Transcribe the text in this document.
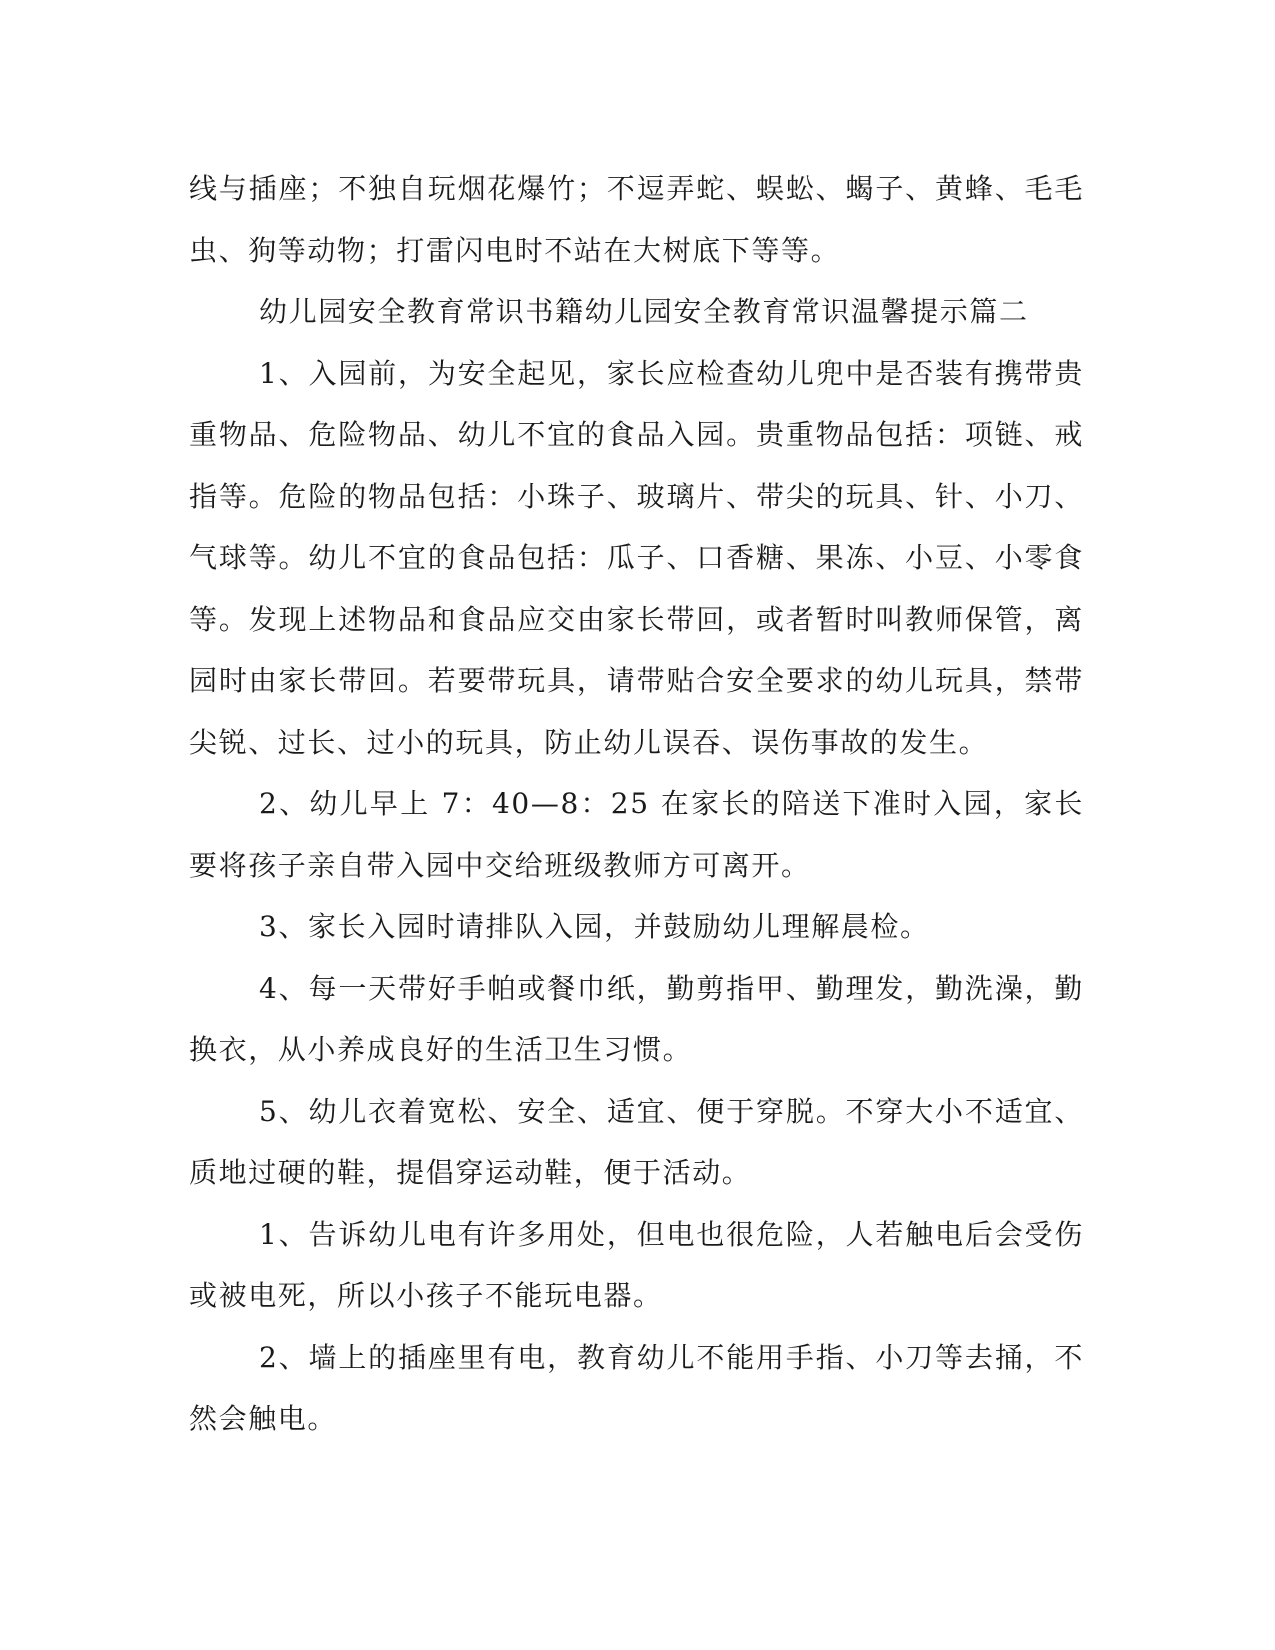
线与插座；不独自玩烟花爆竹；不逗弄蛇、蜈蚣、蝎子、黄蜂、毛毛虫、狗等动物；打雷闪电时不站在大树底下等等。

幼儿园安全教育常识书籍幼儿园安全教育常识温馨提示篇二

1、入园前，为安全起见，家长应检查幼儿兜中是否装有携带贵重物品、危险物品、幼儿不宜的食品入园。贵重物品包括：项链、戒指等。危险的物品包括：小珠子、玻璃片、带尖的玩具、针、小刀、气球等。幼儿不宜的食品包括：瓜子、口香糖、果冻、小豆、小零食等。发现上述物品和食品应交由家长带回，或者暂时叫教师保管，离园时由家长带回。若要带玩具，请带贴合安全要求的幼儿玩具，禁带尖锐、过长、过小的玩具，防止幼儿误吞、误伤事故的发生。

2、幼儿早上 7：40—8：25 在家长的陪送下准时入园，家长要将孩子亲自带入园中交给班级教师方可离开。

3、家长入园时请排队入园，并鼓励幼儿理解晨检。

4、每一天带好手帕或餐巾纸，勤剪指甲、勤理发，勤洗澡，勤换衣，从小养成良好的生活卫生习惯。

5、幼儿衣着宽松、安全、适宜、便于穿脱。不穿大小不适宜、质地过硬的鞋，提倡穿运动鞋，便于活动。

1、告诉幼儿电有许多用处，但电也很危险，人若触电后会受伤或被电死，所以小孩子不能玩电器。

2、墙上的插座里有电，教育幼儿不能用手指、小刀等去捅，不然会触电。
